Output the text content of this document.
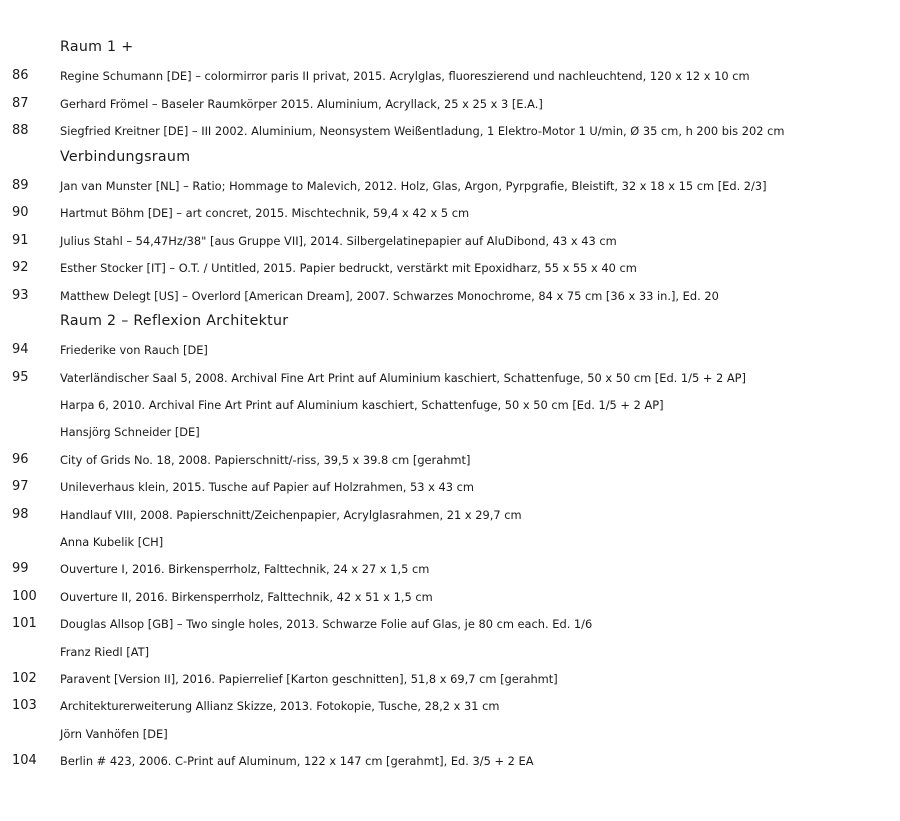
Raum 1 +
86	Regine Schumann [DE] – colormirror paris II privat, 2015. Acrylglas, fluoreszierend und nachleuchtend, 120 x 12 x 10 cm
87	Gerhard Frömel – Baseler Raumkörper 2015. Aluminium, Acryllack, 25 x 25 x 3 [E.A.]
88	Siegfried Kreitner [DE] – III 2002. Aluminium, Neonsystem Weißentladung, 1 Elektro-Motor 1 U/min, Ø 35 cm, h 200 bis 202 cm
Verbindungsraum
89	Jan van Munster [NL] – Ratio; Hommage to Malevich, 2012. Holz, Glas, Argon, Pyrpgrafie, Bleistift, 32 x 18 x 15 cm [Ed. 2/3]
90	Hartmut Böhm [DE] – art concret, 2015. Mischtechnik, 59,4 x 42 x 5 cm
91	Julius Stahl – 54,47Hz/38" [aus Gruppe VII], 2014. Silbergelatinepapier auf AluDibond, 43 x 43 cm
92	Esther Stocker [IT] – O.T. / Untitled, 2015. Papier bedruckt, verstärkt mit Epoxidharz, 55 x 55 x 40 cm
93	Matthew Delegt [US] – Overlord [American Dream], 2007. Schwarzes Monochrome, 84 x 75 cm [36 x 33 in.], Ed. 20
Raum 2 – Reflexion Architektur
94	Friederike von Rauch [DE]
95	Vaterländischer Saal 5, 2008. Archival Fine Art Print auf Aluminium kaschiert, Schattenfuge, 50 x 50 cm [Ed. 1/5 + 2 AP]
Harpa 6, 2010. Archival Fine Art Print auf Aluminium kaschiert, Schattenfuge, 50 x 50 cm [Ed. 1/5 + 2 AP]
Hansjörg Schneider [DE]
96	City of Grids No. 18, 2008. Papierschnitt/-riss, 39,5 x 39.8 cm [gerahmt]
97	Unileverhaus klein, 2015. Tusche auf Papier auf Holzrahmen, 53 x 43 cm
98	Handlauf VIII, 2008. Papierschnitt/Zeichenpapier, Acrylglasrahmen, 21 x 29,7 cm
Anna Kubelik [CH]
99	Ouverture I, 2016. Birkensperrholz, Falttechnik, 24 x 27 x 1,5 cm
100 Ouverture II, 2016. Birkensperrholz, Falttechnik, 42 x 51 x 1,5 cm
101 Douglas Allsop [GB] – Two single holes, 2013. Schwarze Folie auf Glas, je 80 cm each. Ed. 1/6
Franz Riedl [AT]
102 Paravent [Version II], 2016. Papierrelief [Karton geschnitten], 51,8 x 69,7 cm [gerahmt]
103 Architekturerweiterung Allianz Skizze, 2013. Fotokopie, Tusche, 28,2 x 31 cm
Jörn Vanhöfen [DE]
104 Berlin # 423, 2006. C-Print auf Aluminum, 122 x 147 cm [gerahmt], Ed. 3/5 + 2 EA
